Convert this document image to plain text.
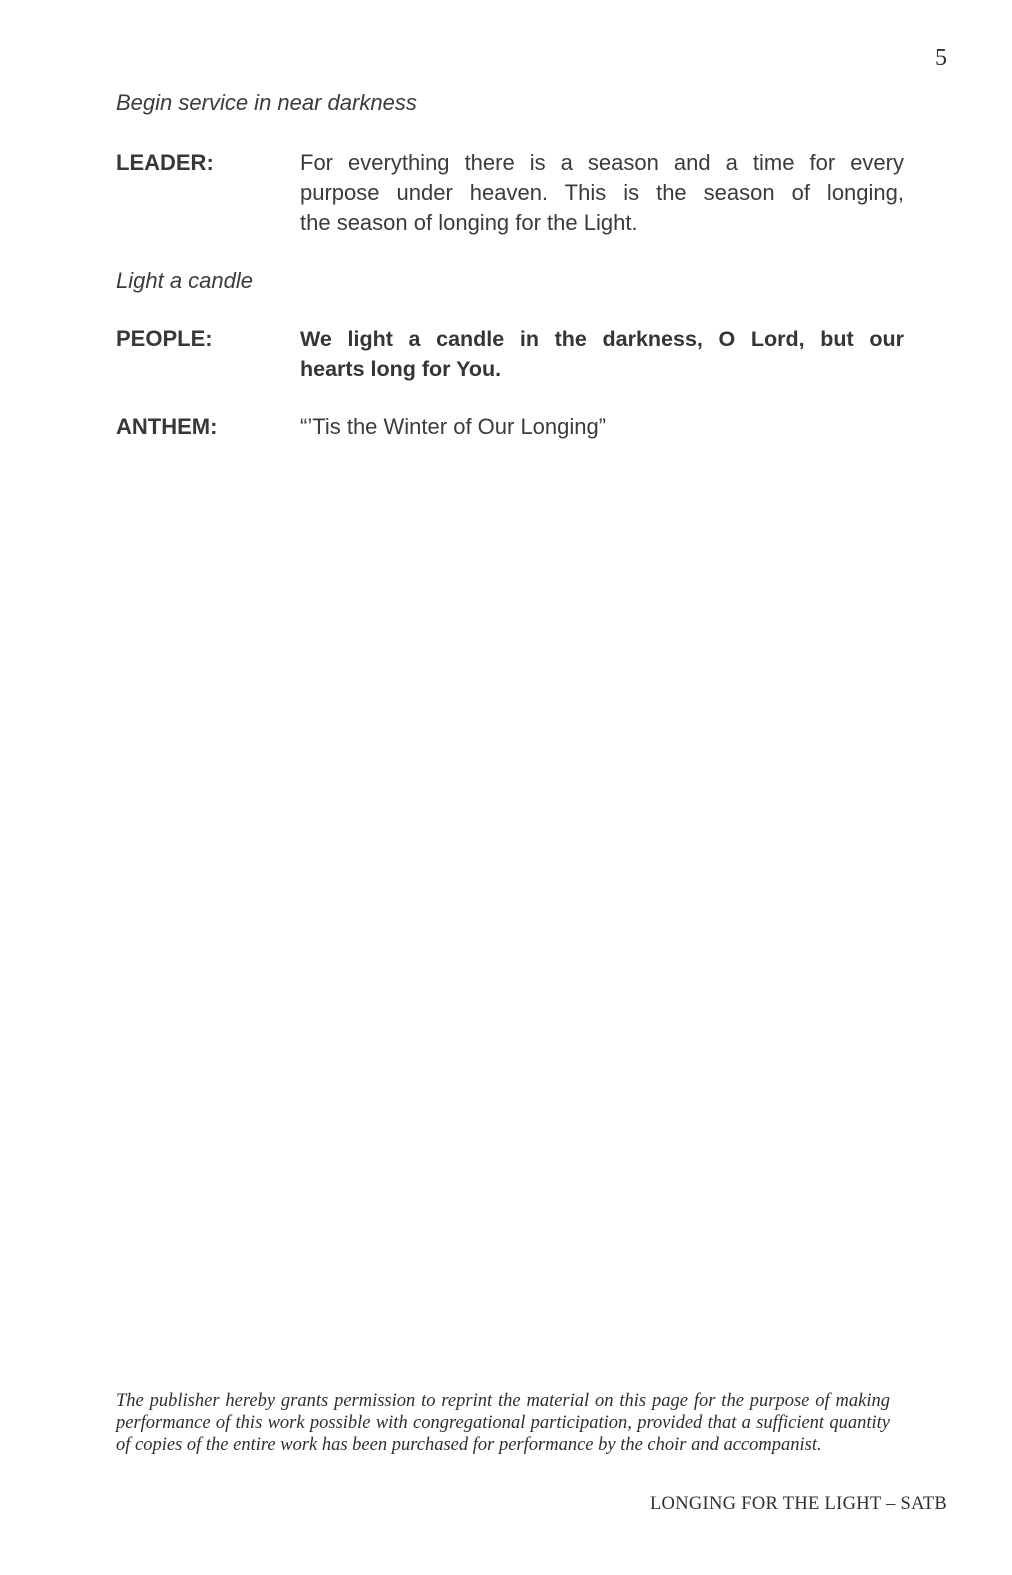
5

Begin service in near darkness

LEADER:	For everything there is a season and a time for every
purpose under heaven. This is the season of longing,
the season of longing for the Light.

Light a candle

PEOPLE:	We light a candle in the darkness, O Lord, but our
hearts long for You.
ANTHEM:	“’Tis the Winter of Our Longing”
The publisher hereby grants permission to reprint the material on this page for the purpose of making
performance of this work possible with congregational participation, provided that a sufficient quantity
of copies of the entire work has been purchased for performance by the choir and accompanist.
LONGING FOR THE LIGHT – SATB
